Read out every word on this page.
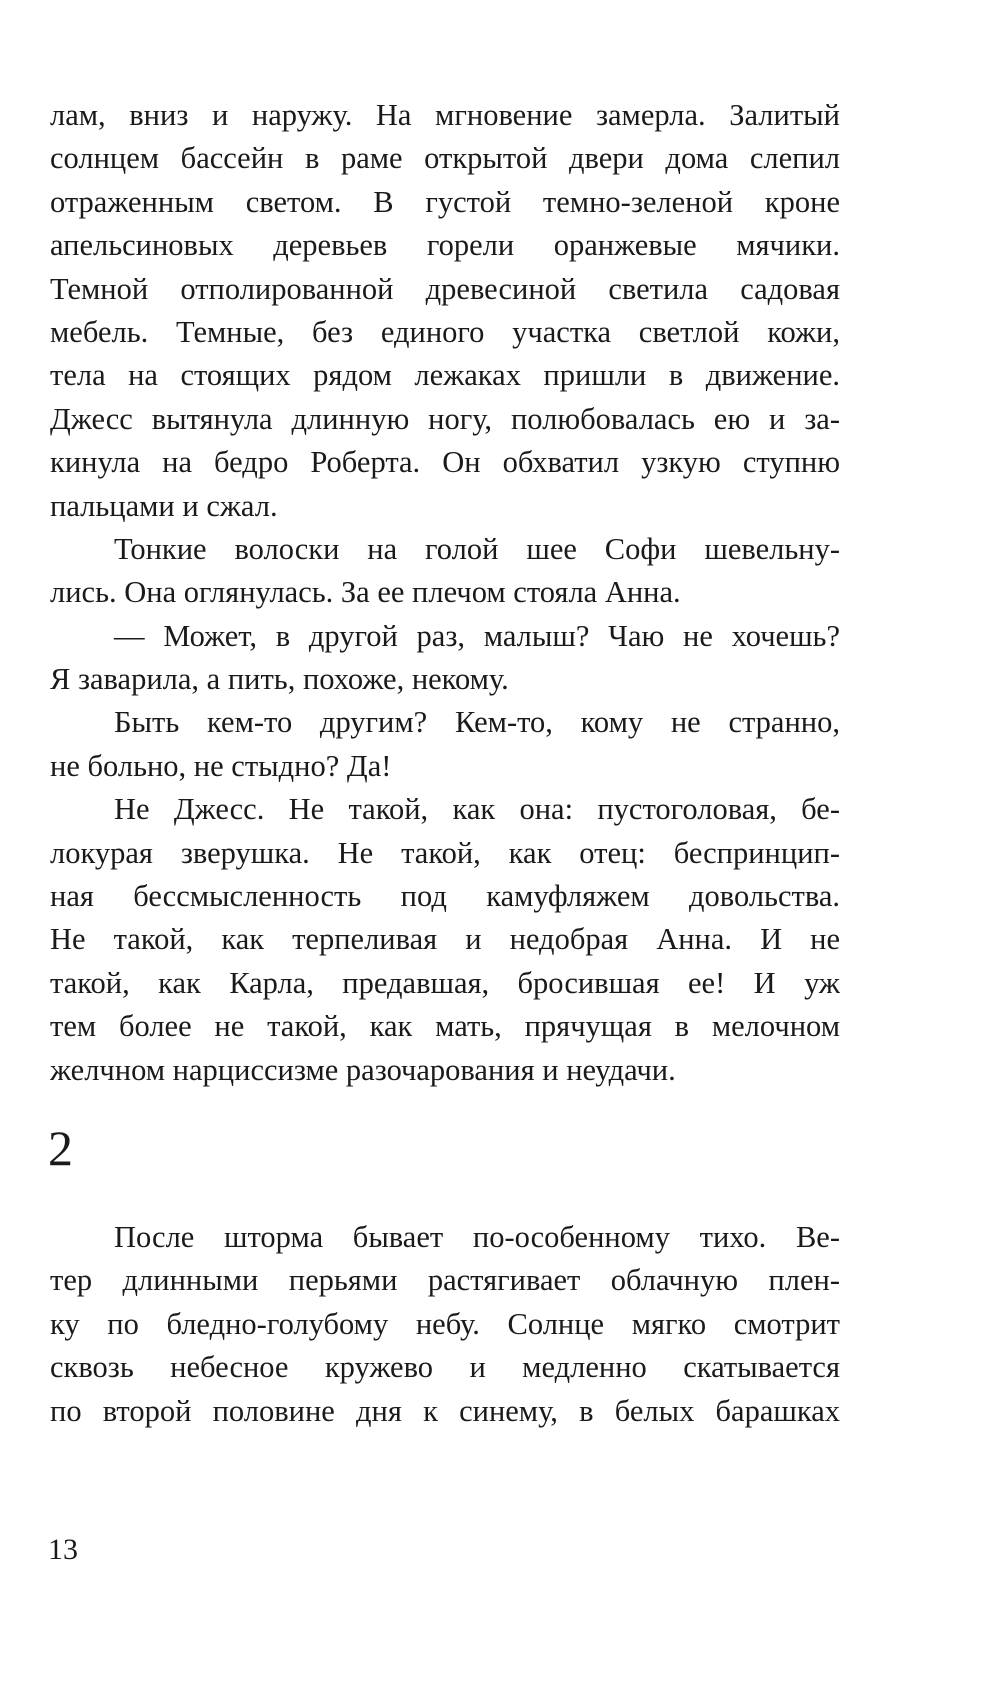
лам, вниз и наружу. На мгновение замерла. Залитый
солнцем бассейн в раме открытой двери дома слепил
отраженным светом. В густой темно-зеленой кроне
апельсиновых деревьев горели оранжевые мячики.
Темной отполированной древесиной светила садовая
мебель. Темные, без единого участка светлой кожи,
тела на стоящих рядом лежаках пришли в движение.
Джесс вытянула длинную ногу, полюбовалась ею и за-
кинула на бедро Роберта. Он обхватил узкую ступню
пальцами и сжал.
Тонкие волоски на голой шее Софи шевельну-
лись. Она оглянулась. За ее плечом стояла Анна.
— Может, в другой раз, малыш? Чаю не хочешь?
Я заварила, а пить, похоже, некому.
Быть кем-то другим? Кем-то, кому не странно,
не больно, не стыдно? Да!
Не Джесс. Не такой, как она: пустоголовая, бе-
локурая зверушка. Не такой, как отец: беспринцип-
ная бессмысленность под камуфляжем довольства.
Не такой, как терпеливая и недобрая Анна. И не
такой, как Карла, предавшая, бросившая ее! И уж
тем более не такой, как мать, прячущая в мелочном
желчном нарциссизме разочарования и неудачи.
2
После шторма бывает по-особенному тихо. Ве-
тер длинными перьями растягивает облачную плен-
ку по бледно-голубому небу. Солнце мягко смотрит
сквозь небесное кружево и медленно скатывается
по второй половине дня к синему, в белых барашках
13
